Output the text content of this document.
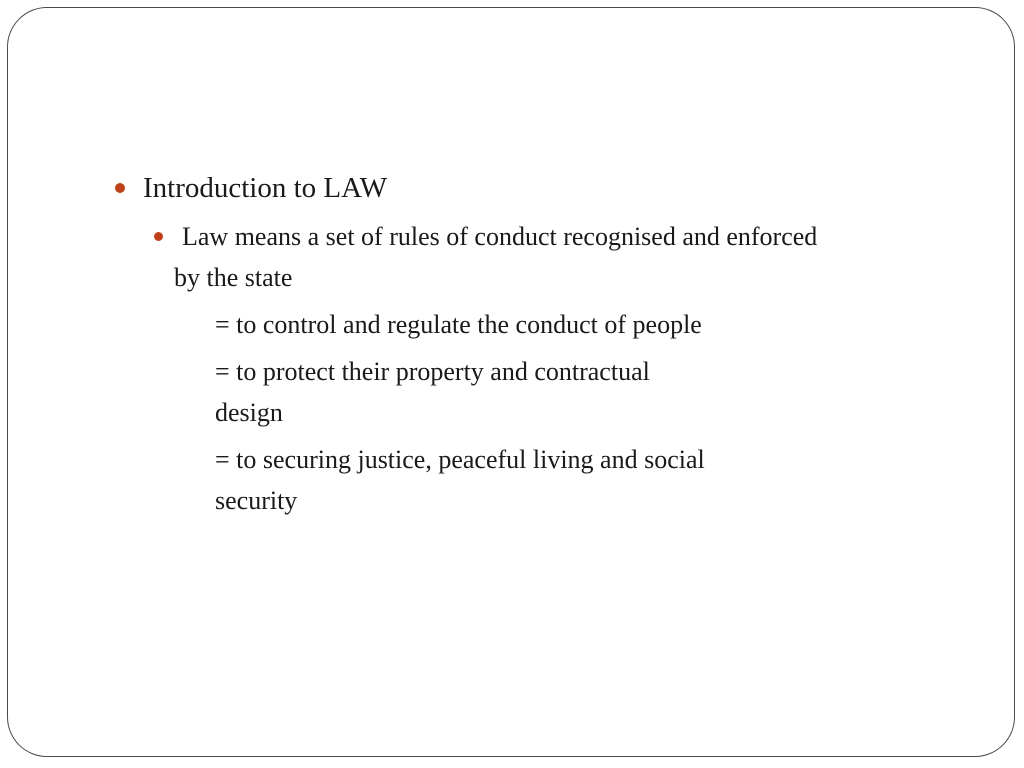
Introduction to LAW
Law means a set of rules of conduct recognised and enforced
by the state
= to control and regulate the conduct of people
= to protect their property and contractual
design
= to securing justice, peaceful living and social
security
